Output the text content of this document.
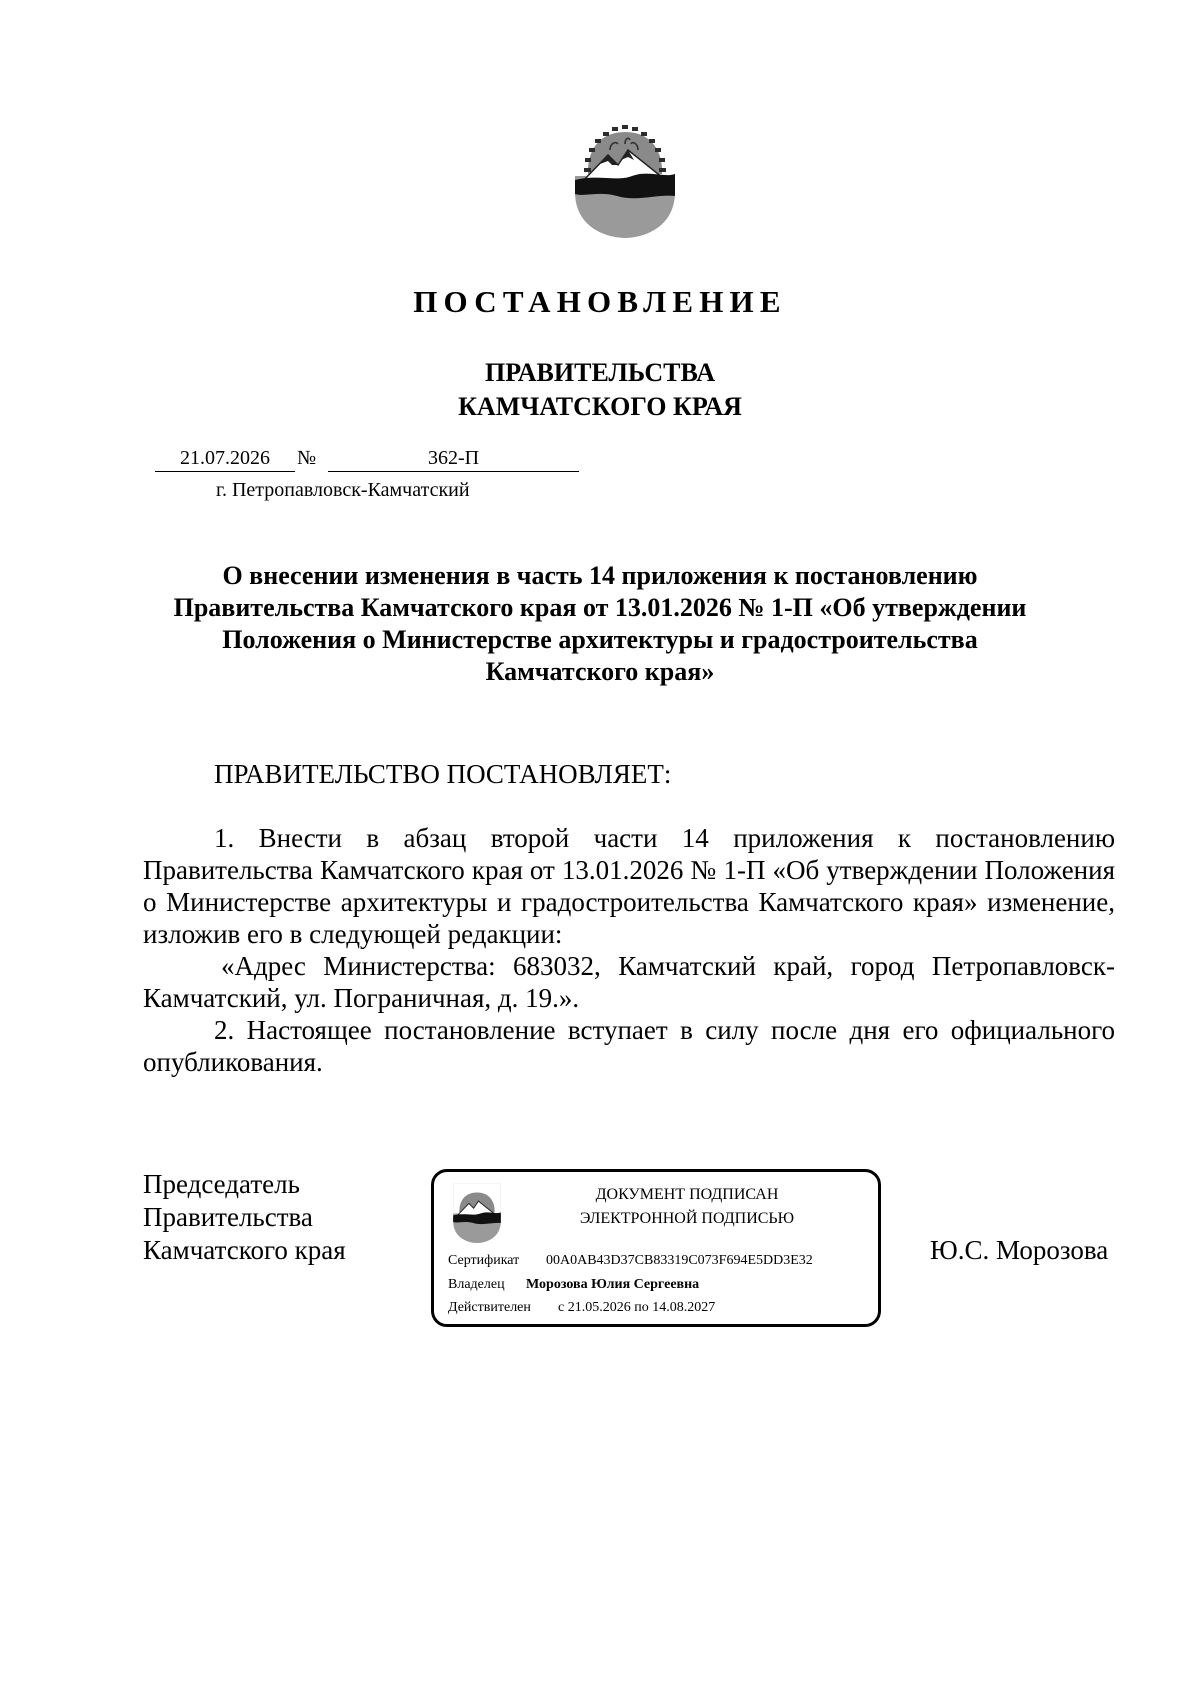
ПОСТАНОВЛЕНИЕ
ПРАВИТЕЛЬСТВА
КАМЧАТСКОГО КРАЯ
21.07.2026	№	362-П
г. Петропавловск-Камчатский
О внесении изменения в часть 14 приложения к постановлению
Правительства Камчатского края от 13.01.2026 № 1-П «Об утверждении
Положения о Министерстве архитектуры и градостроительства
Камчатского края»
ПРАВИТЕЛЬСТВО ПОСТАНОВЛЯЕТ:
1. Внести в абзац второй части 14 приложения к постановлению Правительства Камчатского края от 13.01.2026 № 1-П «Об утверждении Положения о Министерстве архитектуры и градостроительства Камчатского края» изменение, изложив его в следующей редакции:
«Адрес Министерства: 683032, Камчатский край, город Петропавловск-Камчатский, ул. Пограничная, д. 19.».
2. Настоящее постановление вступает в силу после дня его официального опубликования.
Председатель
Правительства
Камчатского края
ДОКУМЕНТ ПОДПИСАН
ЭЛЕКТРОННОЙ ПОДПИСЬЮ
Сертификат 00A0AB43D37CB83319C073F694E5DD3E32
Владелец Морозова Юлия Сергеевна
Действителен с 21.05.2026 по 14.08.2027
Ю.С. Морозова
